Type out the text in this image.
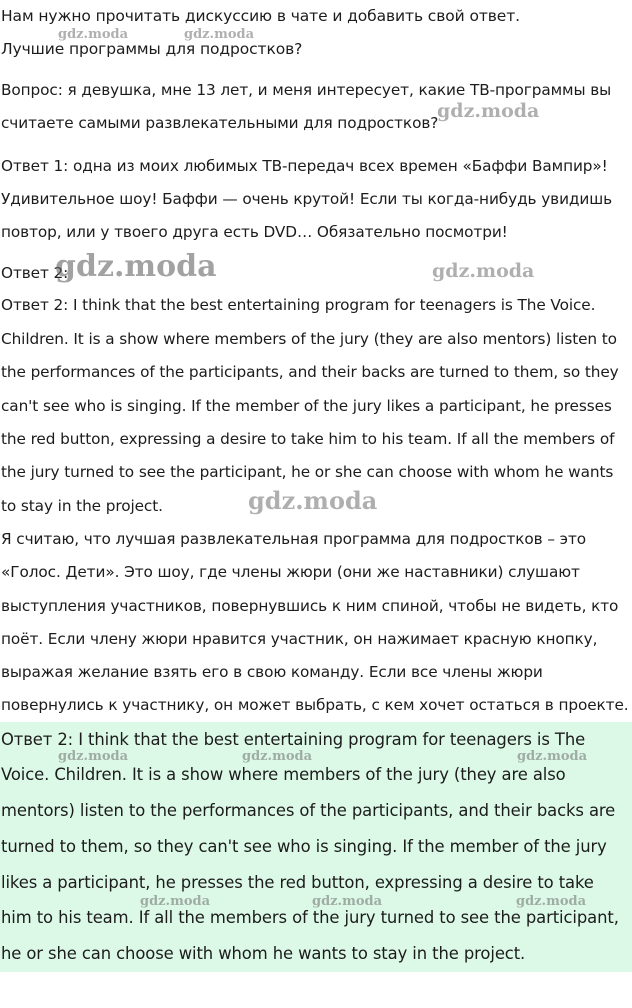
Нам нужно прочитать дискуссию в чате и добавить свой ответ.
Лучшие программы для подростков?
Вопрос: я девушка, мне 13 лет, и меня интересует, какие ТВ-программы вы
считаете самыми развлекательными для подростков?
Ответ 1: одна из моих любимых ТВ-передач всех времен «Баффи Вампир»!
Удивительное шоу! Баффи — очень крутой! Если ты когда-нибудь увидишь
повтор, или у твоего друга есть DVD… Обязательно посмотри!
Ответ 2:
Ответ 2: I think that the best entertaining program for teenagers is The Voice.
Children. It is a show where members of the jury (they are also mentors) listen to
the performances of the participants, and their backs are turned to them, so they
can't see who is singing. If the member of the jury likes a participant, he presses
the red button, expressing a desire to take him to his team. If all the members of
the jury turned to see the participant, he or she can choose with whom he wants
to stay in the project.
Я считаю, что лучшая развлекательная программа для подростков – это
«Голос. Дети». Это шоу, где члены жюри (они же наставники) слушают
выступления участников, повернувшись к ним спиной, чтобы не видеть, кто
поёт. Если члену жюри нравится участник, он нажимает красную кнопку,
выражая желание взять его в свою команду. Если все члены жюри
повернулись к участнику, он может выбрать, с кем хочет остаться в проекте.
Ответ 2: I think that the best entertaining program for teenagers is The
Voice. Children. It is a show where members of the jury (they are also
mentors) listen to the performances of the participants, and their backs are
turned to them, so they can't see who is singing. If the member of the jury
likes a participant, he presses the red button, expressing a desire to take
him to his team. If all the members of the jury turned to see the participant,
he or she can choose with whom he wants to stay in the project.
gdz.moda	gdz.moda
gdz.moda
gdz.moda	gdz.moda
gdz.moda
gdz.moda	gdz.moda	gdz.moda
gdz.moda	gdz.moda	gdz.moda
